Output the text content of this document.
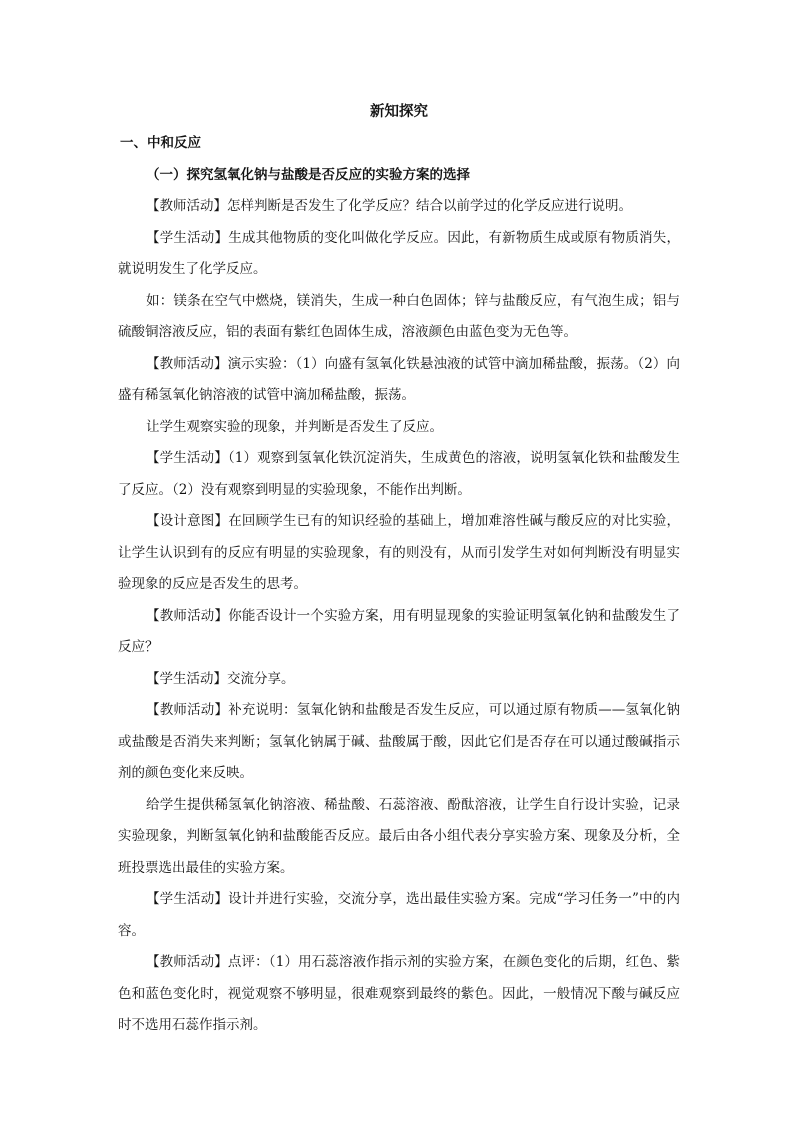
新知探究

一、中和反应

（一）探究氢氧化钠与盐酸是否反应的实验方案的选择

【教师活动】怎样判断是否发生了化学反应？结合以前学过的化学反应进行说明。

【学生活动】生成其他物质的变化叫做化学反应。因此，有新物质生成或原有物质消失，就说明发生了化学反应。

如：镁条在空气中燃烧，镁消失，生成一种白色固体；锌与盐酸反应，有气泡生成；铝与硫酸铜溶液反应，铝的表面有紫红色固体生成，溶液颜色由蓝色变为无色等。

【教师活动】演示实验：（1）向盛有氢氧化铁悬浊液的试管中滴加稀盐酸，振荡。（2）向盛有稀氢氧化钠溶液的试管中滴加稀盐酸，振荡。

让学生观察实验的现象，并判断是否发生了反应。

【学生活动】（1）观察到氢氧化铁沉淀消失，生成黄色的溶液，说明氢氧化铁和盐酸发生了反应。（2）没有观察到明显的实验现象，不能作出判断。

【设计意图】在回顾学生已有的知识经验的基础上，增加难溶性碱与酸反应的对比实验，让学生认识到有的反应有明显的实验现象，有的则没有，从而引发学生对如何判断没有明显实验现象的反应是否发生的思考。

【教师活动】你能否设计一个实验方案，用有明显现象的实验证明氢氧化钠和盐酸发生了反应？

【学生活动】交流分享。

【教师活动】补充说明：氢氧化钠和盐酸是否发生反应，可以通过原有物质——氢氧化钠或盐酸是否消失来判断；氢氧化钠属于碱、盐酸属于酸，因此它们是否存在可以通过酸碱指示剂的颜色变化来反映。

给学生提供稀氢氧化钠溶液、稀盐酸、石蕊溶液、酚酞溶液，让学生自行设计实验，记录实验现象，判断氢氧化钠和盐酸能否反应。最后由各小组代表分享实验方案、现象及分析，全班投票选出最佳的实验方案。

【学生活动】设计并进行实验，交流分享，选出最佳实验方案。完成“学习任务一”中的内容。

【教师活动】点评：（1）用石蕊溶液作指示剂的实验方案，在颜色变化的后期，红色、紫色和蓝色变化时，视觉观察不够明显，很难观察到最终的紫色。因此，一般情况下酸与碱反应时不选用石蕊作指示剂。
